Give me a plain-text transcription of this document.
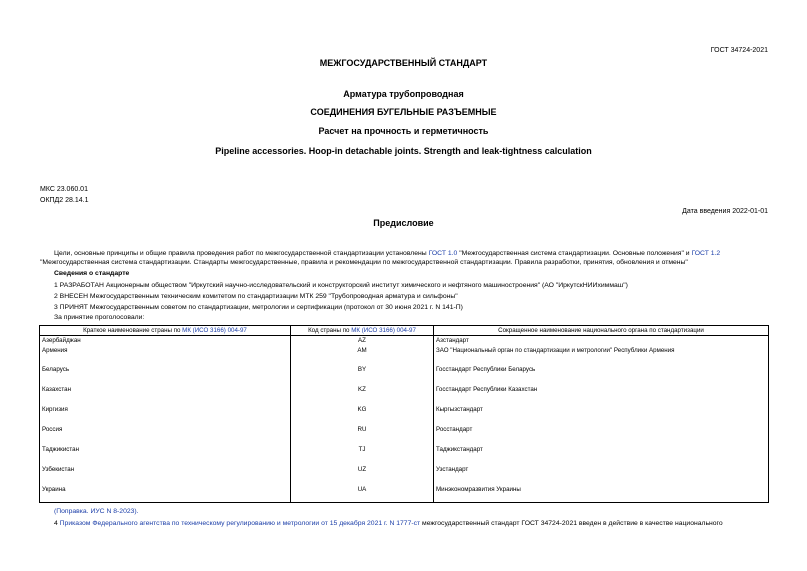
ГОСТ 34724-2021
МЕЖГОСУДАРСТВЕННЫЙ СТАНДАРТ
Арматура трубопроводная
СОЕДИНЕНИЯ БУГЕЛЬНЫЕ РАЗЪЕМНЫЕ
Расчет на прочность и герметичность
Pipeline accessories. Hoop-in detachable joints. Strength and leak-tightness calculation
МКС 23.060.01
ОКПД2 28.14.1
Дата введения 2022-01-01
Предисловие
Цели, основные принципы и общие правила проведения работ по межгосударственной стандартизации установлены ГОСТ 1.0 "Межгосударственная система стандартизации. Основные положения" и ГОСТ 1.2 "Межгосударственная система стандартизации. Стандарты межгосударственные, правила и рекомендации по межгосударственной стандартизации. Правила разработки, принятия, обновления и отмены"
Сведения о стандарте
1 РАЗРАБОТАН Акционерным обществом "Иркутский научно-исследовательский и конструкторский институт химического и нефтяного машиностроения" (АО "ИркутскНИИхиммаш")
2 ВНЕСЕН Межгосударственным техническим комитетом по стандартизации МТК 259 "Трубопроводная арматура и сильфоны"
3 ПРИНЯТ Межгосударственным советом по стандартизации, метрологии и сертификации (протокол от 30 июня 2021 г. N 141-П)
За принятие проголосовали:
Краткое наименование страны по МК (ИСО 3166) 004-97	Код страны по МК (ИСО 3166) 004-97	Сокращенное наименование национального органа по стандартизации
Азербайджан	AZ	Азстандарт
Армения	AM	ЗАО "Национальный орган по стандартизации и метрологии" Республики Армения
Беларусь	BY	Госстандарт Республики Беларусь
Казахстан	KZ	Госстандарт Республики Казахстан
Киргизия	KG	Кыргызстандарт
Россия	RU	Росстандарт
Таджикистан	TJ	Таджикстандарт
Узбекистан	UZ	Узстандарт
Украина	UA	Минэкономразвития Украины
(Поправка. ИУС N 8-2023).
4 Приказом Федерального агентства по техническому регулированию и метрологии от 15 декабря 2021 г. N 1777-ст межгосударственный стандарт ГОСТ 34724-2021 введен в действие в качестве национального
